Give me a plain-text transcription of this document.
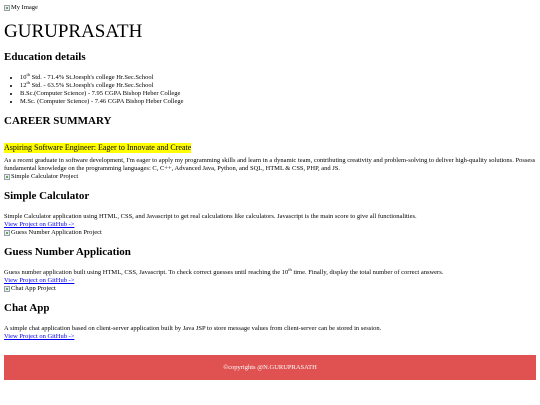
My Image
GURUPRASATH
Education details
• 10th Std. - 71.4% St.Joesph's college Hr.Sec.School
• 12th Std. - 63.5% St.Joesph's college Hr.Sec.School
• B.Sc.(Computer Science) - 7.95 CGPA Bishop Heber College
• M.Sc. (Computer Science) - 7.46 CGPA Bishop Heber College
CAREER SUMMARY
Aspiring Software Engineer: Eager to Innovate and Create

As a recent graduate in software development, I'm eager to apply my programming skills and learn in a dynamic team, contributing creativity and problem-solving to deliver high-quality solutions. Possess fundamental knowledge on the programming languages: C, C++, Advanced Java, Python, and SQL, HTML & CSS, PHP, and JS.

Simple Calculator Project
Simple Calculator

Simple Calculator application using HTML, CSS, and Javascript to get real calculations like calculators. Javascript is the main score to give all functionalities.

View Project on GitHub ->
Guess Number Application Project
Guess Number Application

Guess number application built using HTML, CSS, Javascript. To check correct guesses until reaching the 10th time. Finally, display the total number of correct answers.

View Project on GitHub ->
Chat App Project
Chat App

A simple chat application based on client-server application built by Java JSP to store message values from client-server can be stored in session.

View Project on GitHub ->
©copyrights @N.GURUPRASATH
